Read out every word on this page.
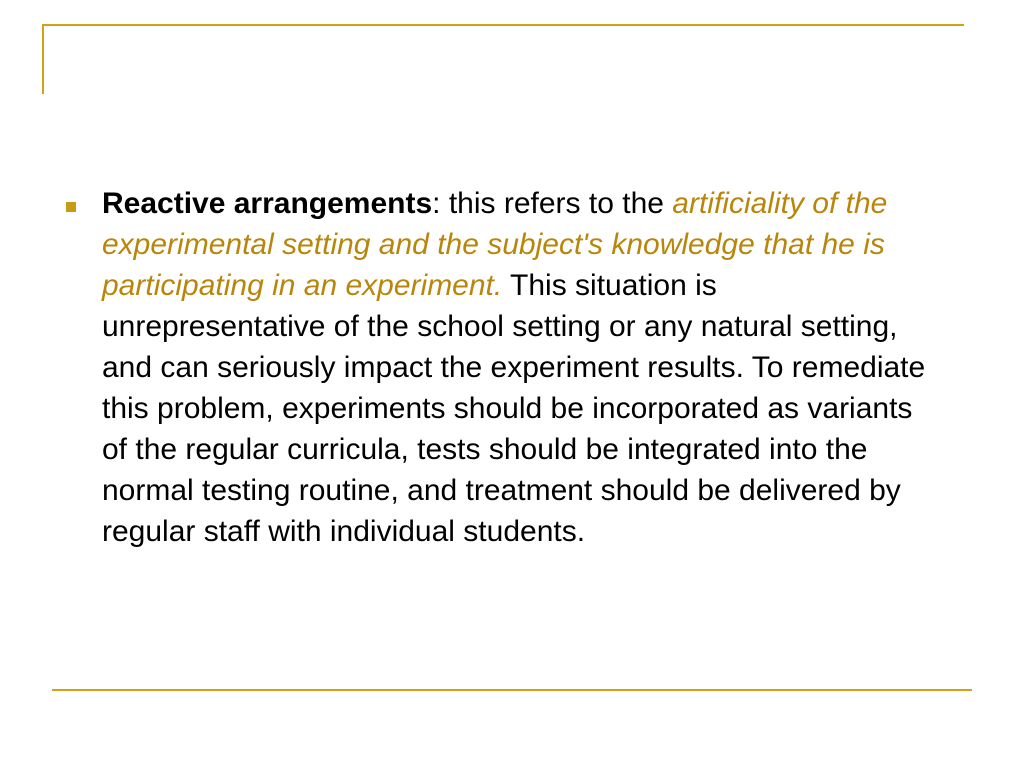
Reactive arrangements: this refers to the artificiality of the experimental setting and the subject's knowledge that he is participating in an experiment. This situation is unrepresentative of the school setting or any natural setting, and can seriously impact the experiment results. To remediate this problem, experiments should be incorporated as variants of the regular curricula, tests should be integrated into the normal testing routine, and treatment should be delivered by regular staff with individual students.
